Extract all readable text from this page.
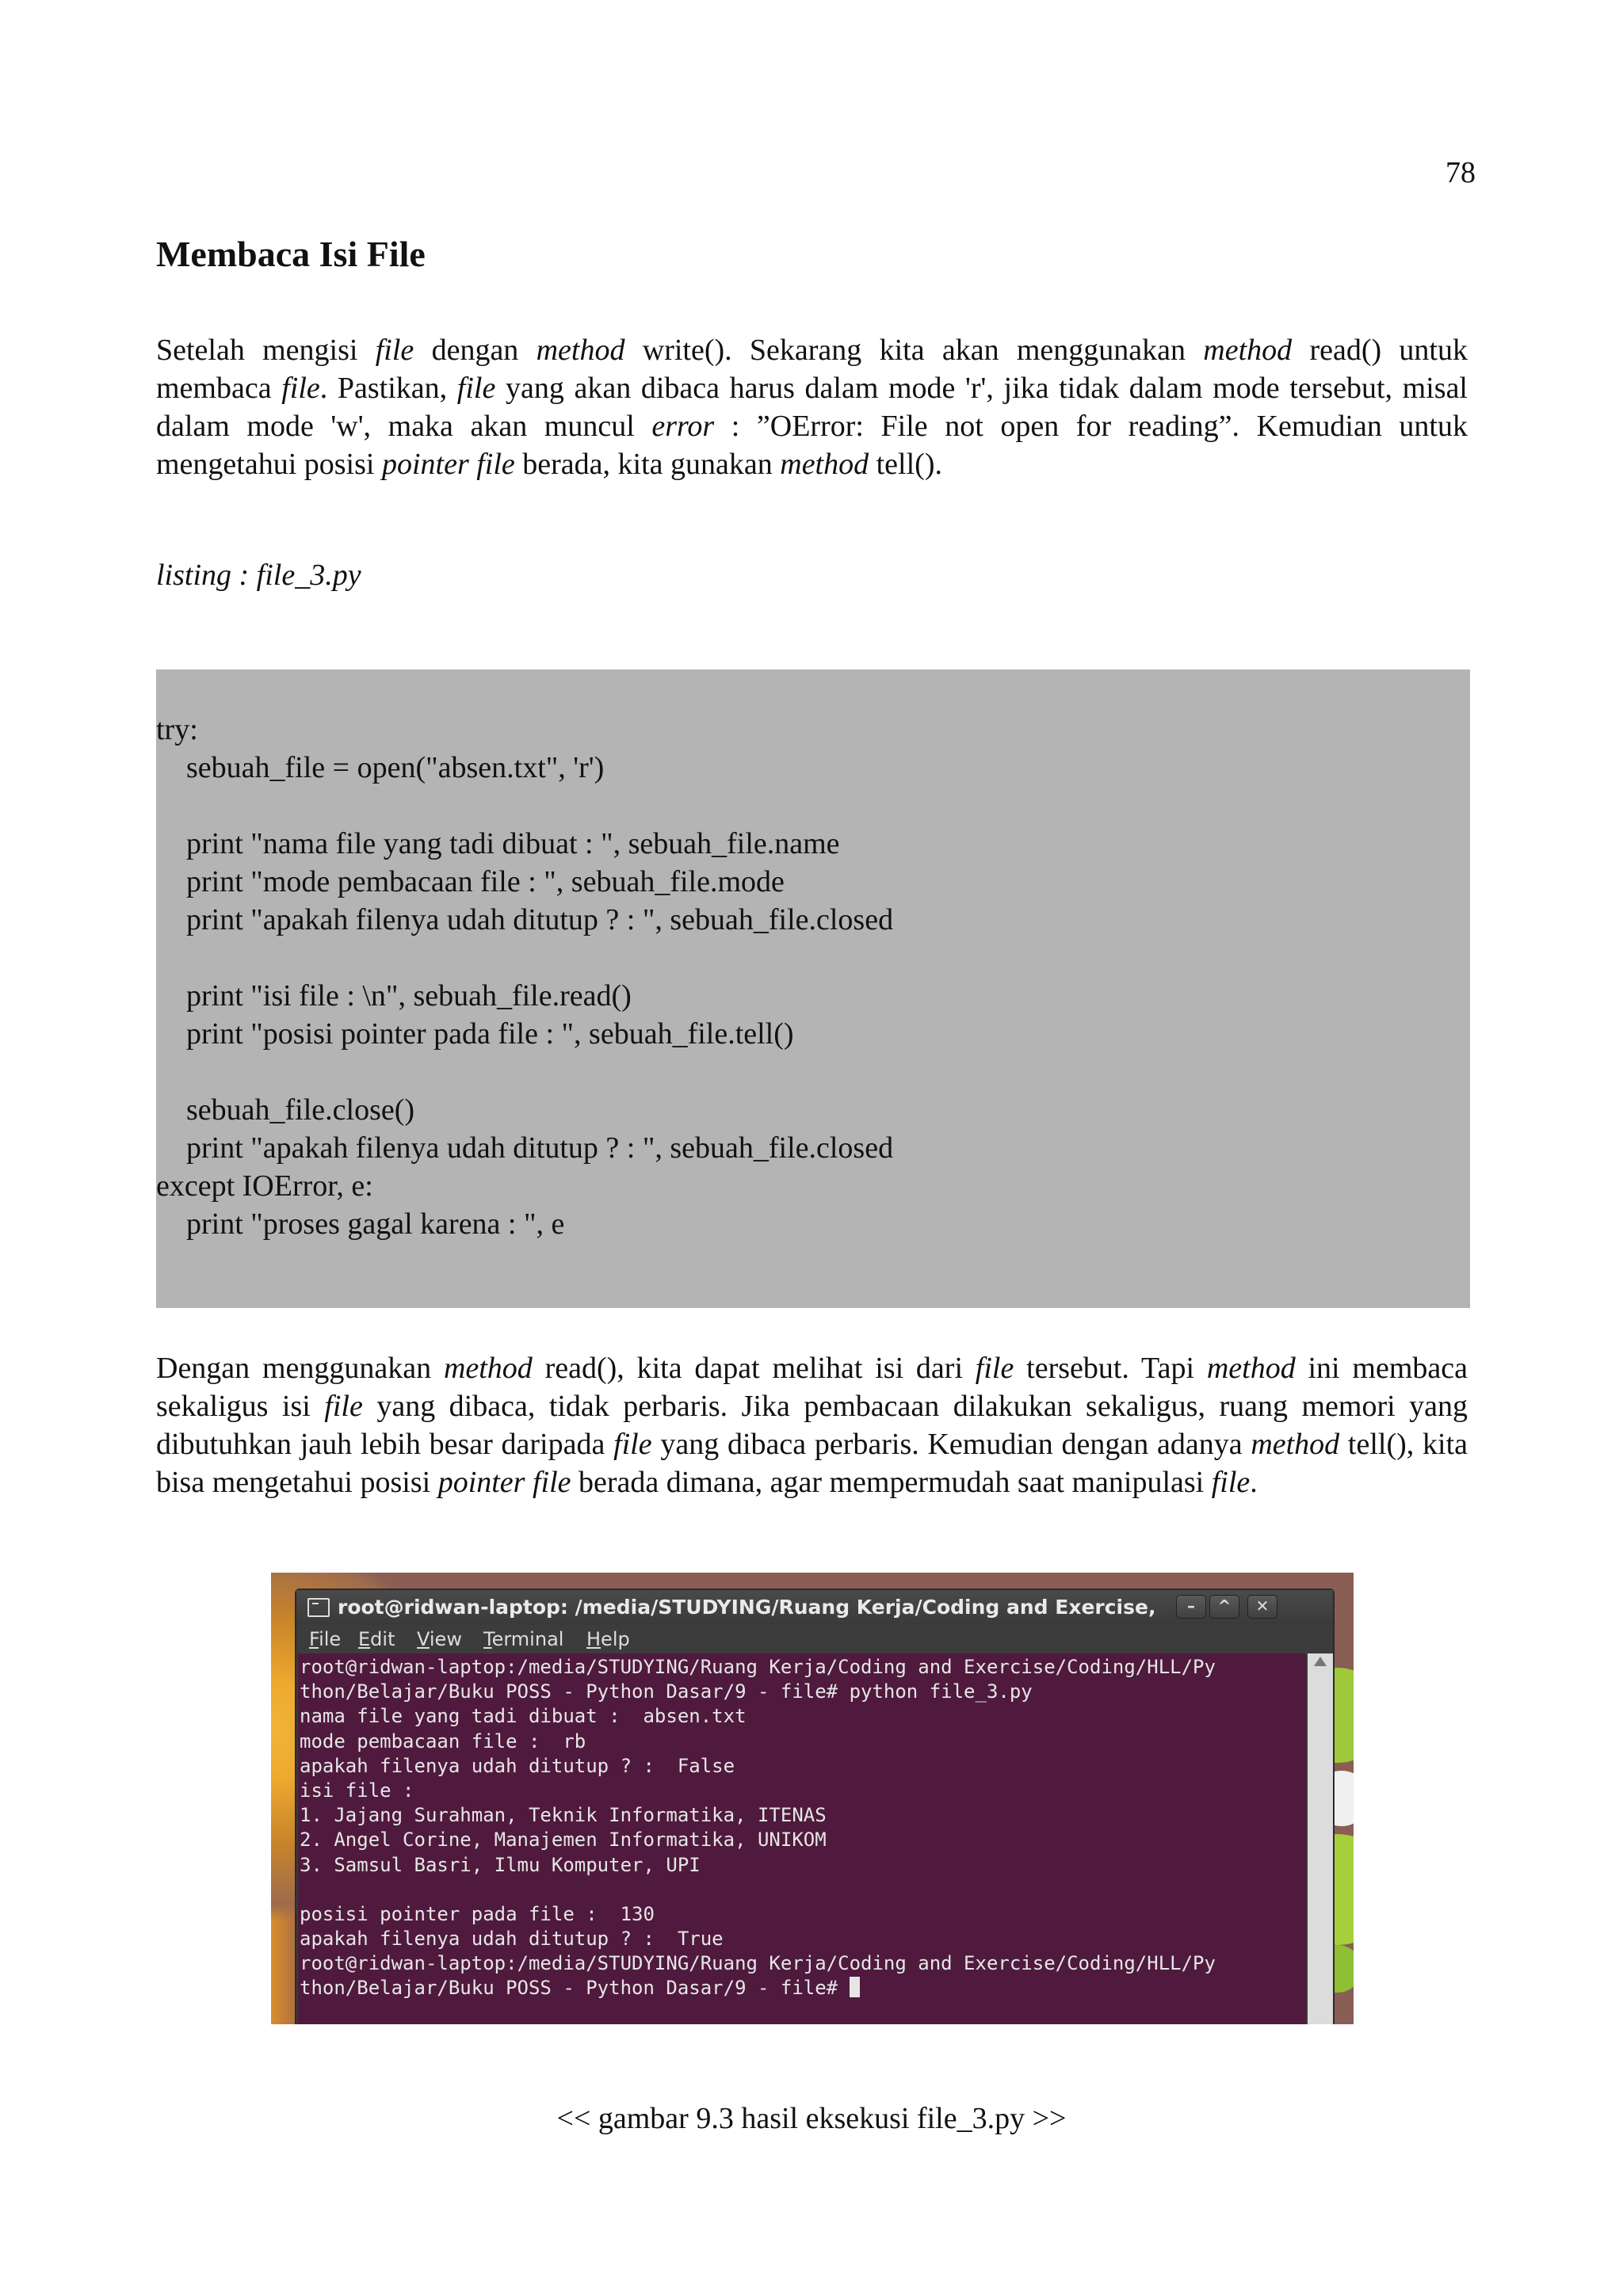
78
Membaca Isi File
Setelah mengisi file dengan method write(). Sekarang kita akan menggunakan method read() untuk membaca file. Pastikan, file yang akan dibaca harus dalam mode 'r', jika tidak dalam mode tersebut, misal dalam mode 'w', maka akan muncul error : ”OError: File not open for reading”. Kemudian untuk mengetahui posisi pointer file berada, kita gunakan method tell().
listing : file_3.py
try:
sebuah_file = open("absen.txt", 'r')
print "nama file yang tadi dibuat : ", sebuah_file.name
print "mode pembacaan file : ", sebuah_file.mode
print "apakah filenya udah ditutup ? : ", sebuah_file.closed
print "isi file : \n", sebuah_file.read()
print "posisi pointer pada file : ", sebuah_file.tell()
sebuah_file.close()
print "apakah filenya udah ditutup ? : ", sebuah_file.closed
except IOError, e:
print "proses gagal karena : ", e
Dengan menggunakan method read(), kita dapat melihat isi dari file tersebut. Tapi method ini membaca sekaligus isi file yang dibaca, tidak perbaris. Jika pembacaan dilakukan sekaligus, ruang memori yang dibutuhkan jauh lebih besar daripada file yang dibaca perbaris. Kemudian dengan adanya method tell(), kita bisa mengetahui posisi pointer file berada dimana, agar mempermudah saat manipulasi file.
root@ridwan-laptop: /media/STUDYING/Ruang Kerja/Coding and Exercise,	–	^	✕
File Edit View Terminal Help
root@ridwan-laptop:/media/STUDYING/Ruang Kerja/Coding and Exercise/Coding/HLL/Py
thon/Belajar/Buku POSS - Python Dasar/9 - file# python file_3.py
nama file yang tadi dibuat :  absen.txt
mode pembacaan file :  rb
apakah filenya udah ditutup ? :  False
isi file :
1. Jajang Surahman, Teknik Informatika, ITENAS
2. Angel Corine, Manajemen Informatika, UNIKOM
3. Samsul Basri, Ilmu Komputer, UPI
posisi pointer pada file :  130
apakah filenya udah ditutup ? :  True
root@ridwan-laptop:/media/STUDYING/Ruang Kerja/Coding and Exercise/Coding/HLL/Py
thon/Belajar/Buku POSS - Python Dasar/9 - file#
<< gambar 9.3 hasil eksekusi file_3.py >>
